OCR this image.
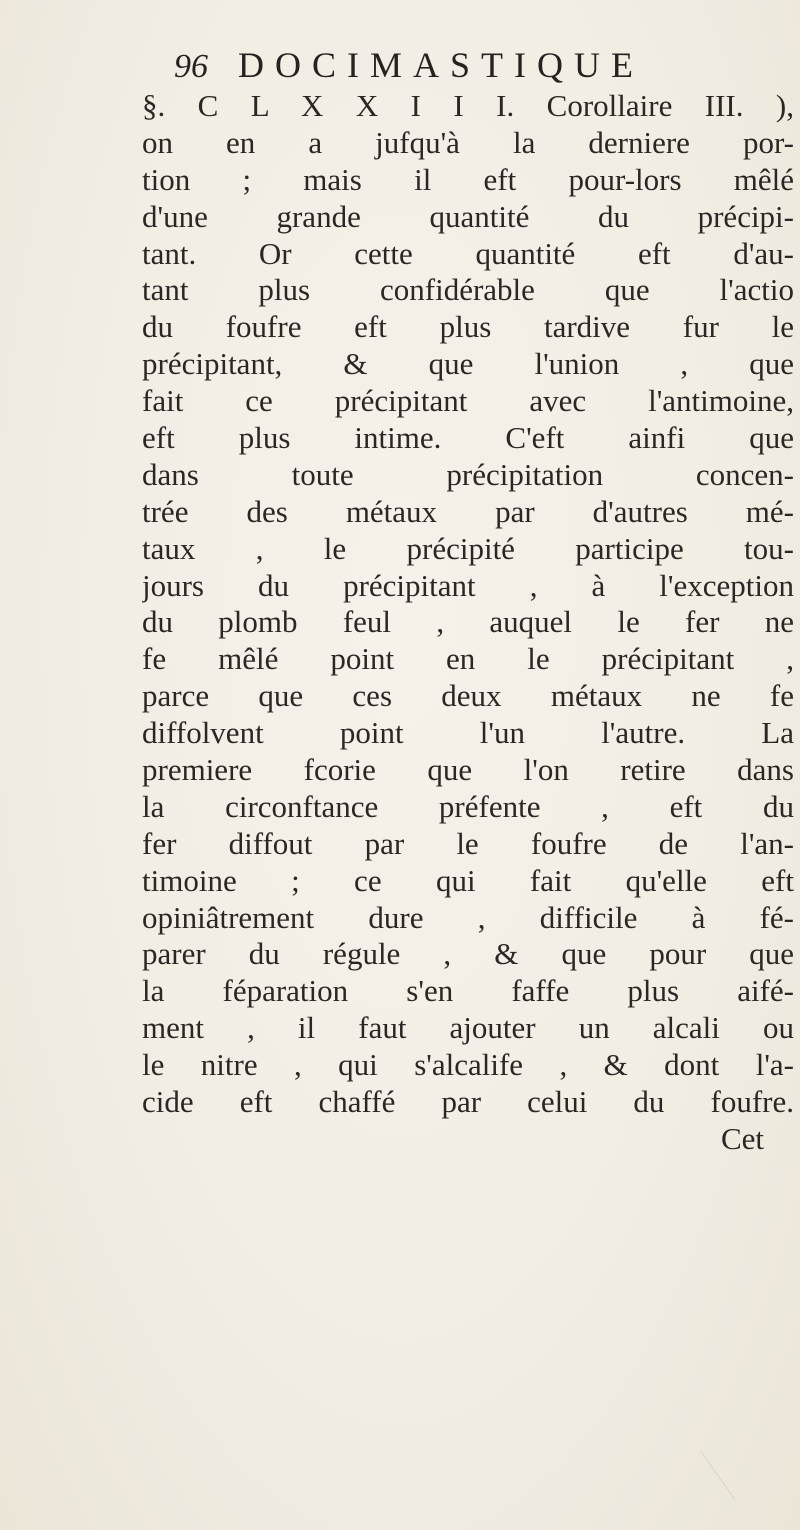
96 DOCIMASTIQUE
§. C L X X I I I. Corollaire III. ),
on en a jufqu'à la derniere por-
tion ; mais il eft pour-lors mêlé
d'une grande quantité du précipi-
tant. Or cette quantité eft d'au-
tant plus confidérable que l'actio
du foufre eft plus tardive fur le
précipitant, & que l'union , que
fait ce précipitant avec l'antimoine,
eft plus intime. C'eft ainfi que
dans toute précipitation concen-
trée des métaux par d'autres mé-
taux , le précipité participe tou-
jours du précipitant , à l'exception
du plomb feul , auquel le fer ne
fe mêlé point en le précipitant ,
parce que ces deux métaux ne fe
diffolvent point l'un l'autre. La
premiere fcorie que l'on retire dans
la circonftance préfente , eft du
fer diffout par le foufre de l'an-
timoine ; ce qui fait qu'elle eft
opiniâtrement dure , difficile à fé-
parer du régule , & que pour que
la féparation s'en faffe plus aifé-
ment , il faut ajouter un alcali ou
le nitre , qui s'alcalife , & dont l'a-
cide eft chaffé par celui du foufre.
Cet
